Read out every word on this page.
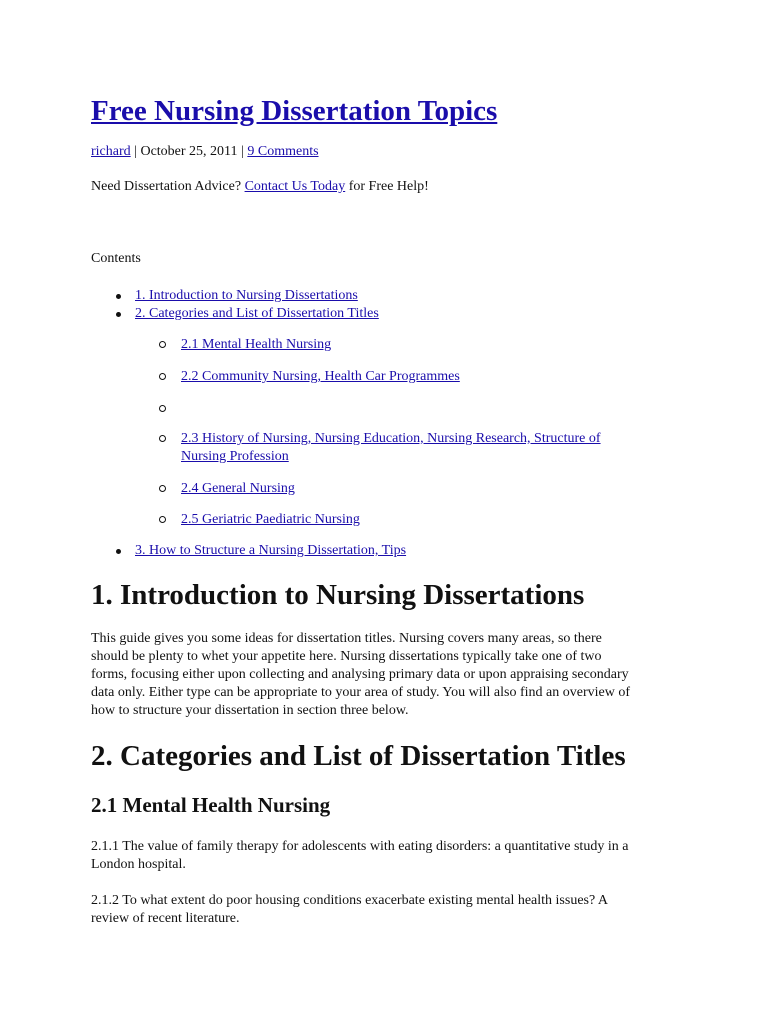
Free Nursing Dissertation Topics
richard | October 25, 2011 | 9 Comments
Need Dissertation Advice? Contact Us Today for Free Help!
Contents
1. Introduction to Nursing Dissertations
2. Categories and List of Dissertation Titles
2.1 Mental Health Nursing
2.2 Community Nursing, Health Car Programmes
2.3 History of Nursing, Nursing Education, Nursing Research, Structure of
Nursing Profession
2.4 General Nursing
2.5 Geriatric Paediatric Nursing
3. How to Structure a Nursing Dissertation, Tips
1. Introduction to Nursing Dissertations
This guide gives you some ideas for dissertation titles. Nursing covers many areas, so there
should be plenty to whet your appetite here. Nursing dissertations typically take one of two
forms, focusing either upon collecting and analysing primary data or upon appraising secondary
data only. Either type can be appropriate to your area of study. You will also find an overview of
how to structure your dissertation in section three below.
2. Categories and List of Dissertation Titles
2.1 Mental Health Nursing
2.1.1 The value of family therapy for adolescents with eating disorders: a quantitative study in a
London hospital.
2.1.2 To what extent do poor housing conditions exacerbate existing mental health issues? A
review of recent literature.
